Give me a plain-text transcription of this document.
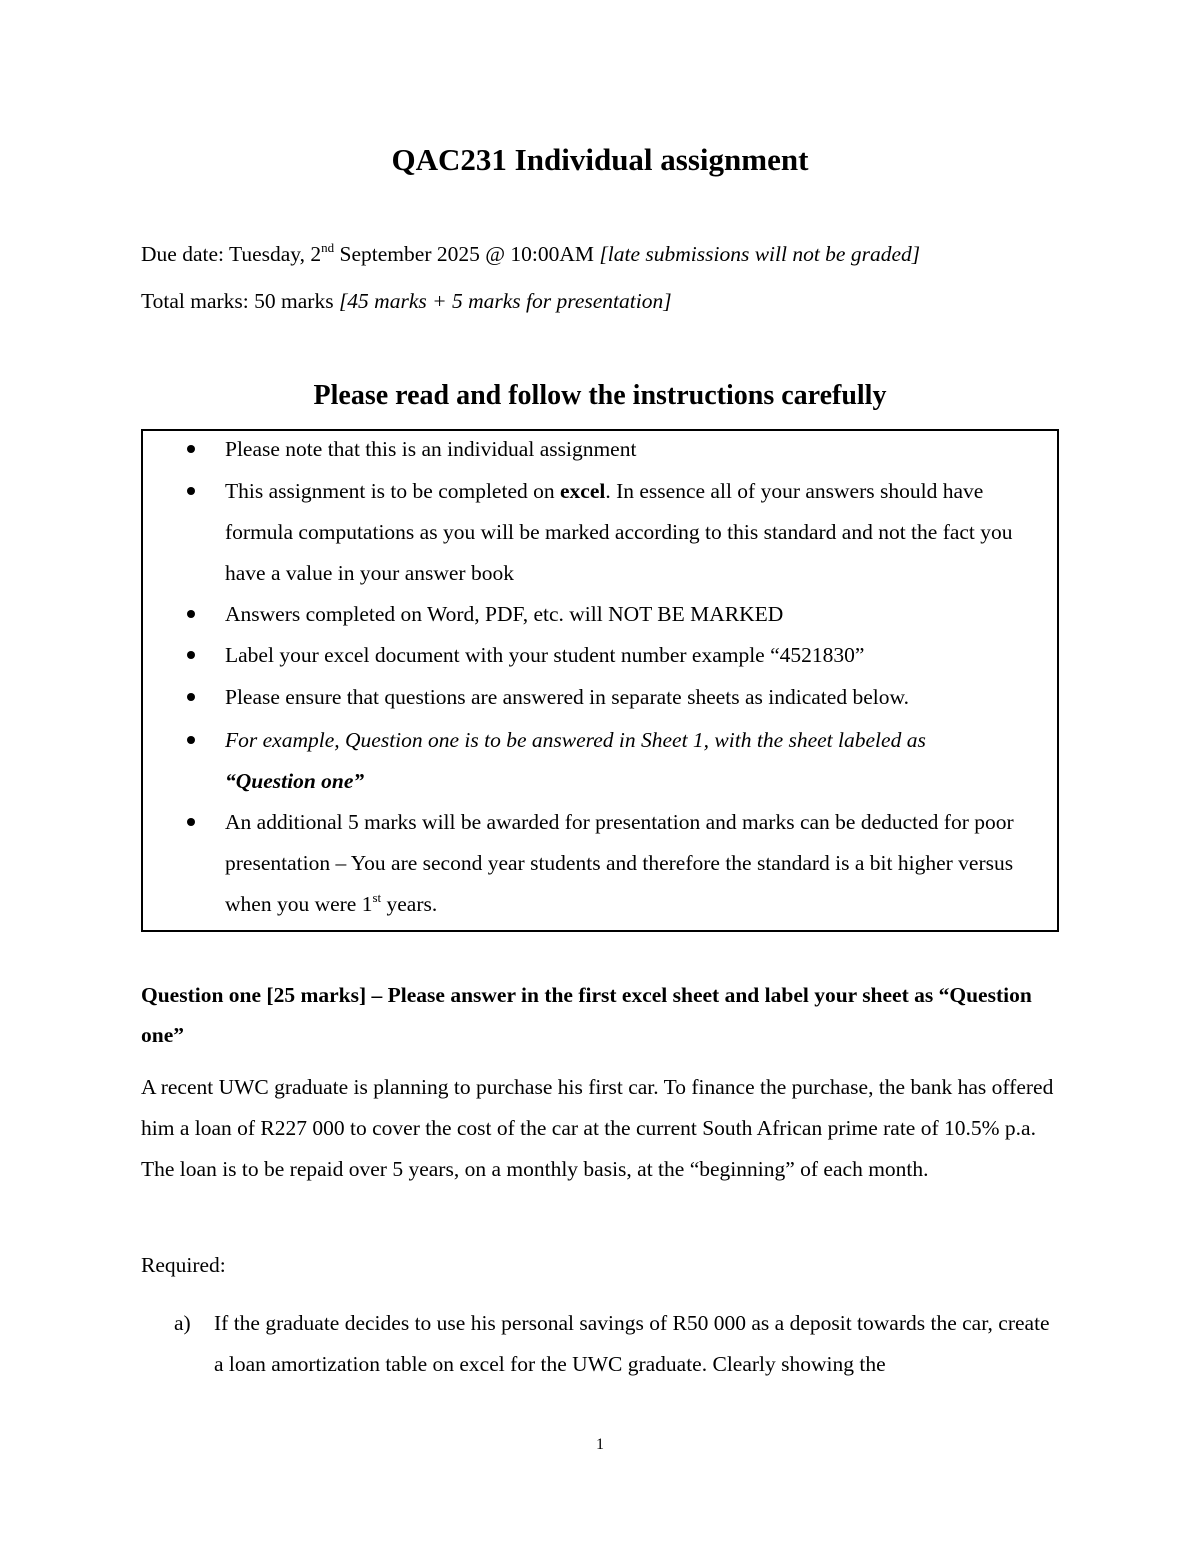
QAC231 Individual assignment
Due date: Tuesday, 2nd September 2025 @ 10:00AM [late submissions will not be graded]
Total marks: 50 marks [45 marks + 5 marks for presentation]
Please read and follow the instructions carefully
Please note that this is an individual assignment
This assignment is to be completed on excel. In essence all of your answers should have formula computations as you will be marked according to this standard and not the fact you have a value in your answer book
Answers completed on Word, PDF, etc. will NOT BE MARKED
Label your excel document with your student number example “4521830”
Please ensure that questions are answered in separate sheets as indicated below.
For example, Question one is to be answered in Sheet 1, with the sheet labeled as
“Question one”
An additional 5 marks will be awarded for presentation and marks can be deducted for poor presentation – You are second year students and therefore the standard is a bit higher versus when you were 1st years.
Question one [25 marks] – Please answer in the first excel sheet and label your sheet as “Question one”
A recent UWC graduate is planning to purchase his first car. To finance the purchase, the bank has offered him a loan of R227 000 to cover the cost of the car at the current South African prime rate of 10.5% p.a. The loan is to be repaid over 5 years, on a monthly basis, at the “beginning” of each month.
Required:
a) If the graduate decides to use his personal savings of R50 000 as a deposit towards the car, create a loan amortization table on excel for the UWC graduate. Clearly showing the
1
